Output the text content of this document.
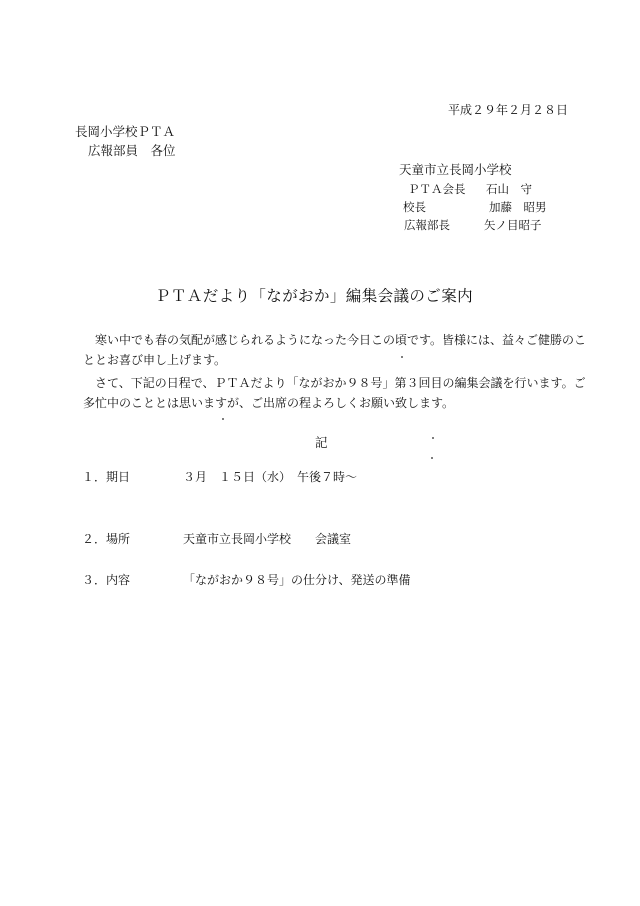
平成２９年２月２８日
長岡小学校ＰＴＡ
広報部員　各位
天童市立長岡小学校
ＰＴＡ会長 石山　守
校長	加藤　昭男
広報部長	矢ノ目昭子
ＰＴＡだより「ながおか」編集会議のご案内
寒い中でも春の気配が感じられるようになった今日この頃です。皆様には、益々ご健勝のこ
ととお喜び申し上げます。
さて、下記の日程で、ＰＴＡだより「ながおか９８号」第３回目の編集会議を行います。ご
多忙中のこととは思いますが、ご出席の程よろしくお願い致します。
記
１．期日	３月　１５日（水）　午後７時～
２．場所	天童市立長岡小学校　　会議室
３．内容	「ながおか９８号」の仕分け、発送の準備
